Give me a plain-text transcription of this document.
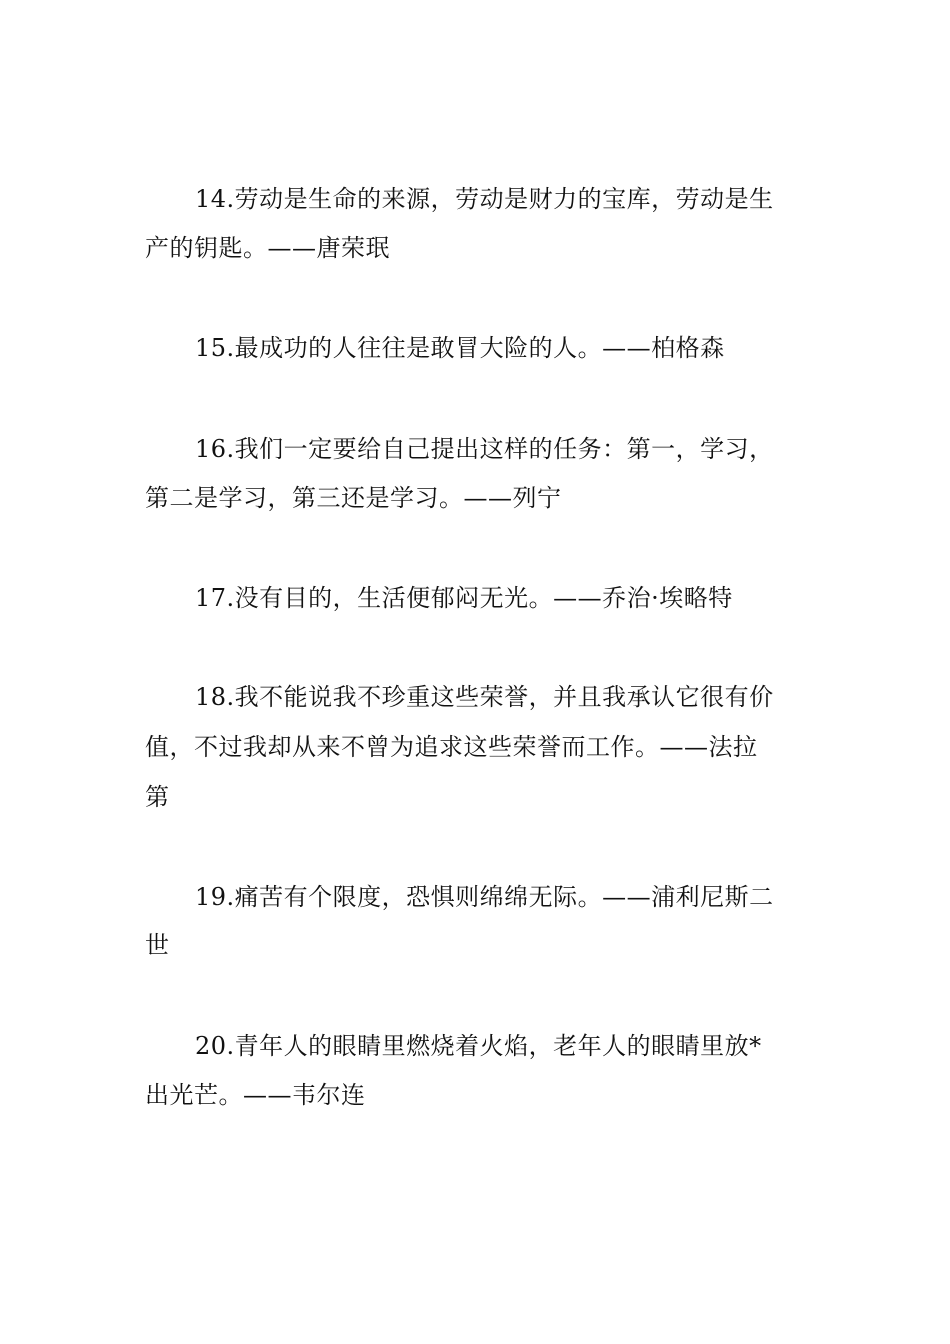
14.劳动是生命的来源，劳动是财力的宝库，劳动是生
产的钥匙。——唐荣珉
15.最成功的人往往是敢冒大险的人。——柏格森
16.我们一定要给自己提出这样的任务：第一，学习，
第二是学习，第三还是学习。——列宁
17.没有目的，生活便郁闷无光。——乔治·埃略特
18.我不能说我不珍重这些荣誉，并且我承认它很有价
值，不过我却从来不曾为追求这些荣誉而工作。——法拉
第
19.痛苦有个限度，恐惧则绵绵无际。——浦利尼斯二
世
20.青年人的眼睛里燃烧着火焰，老年人的眼睛里放*
出光芒。——韦尔连
